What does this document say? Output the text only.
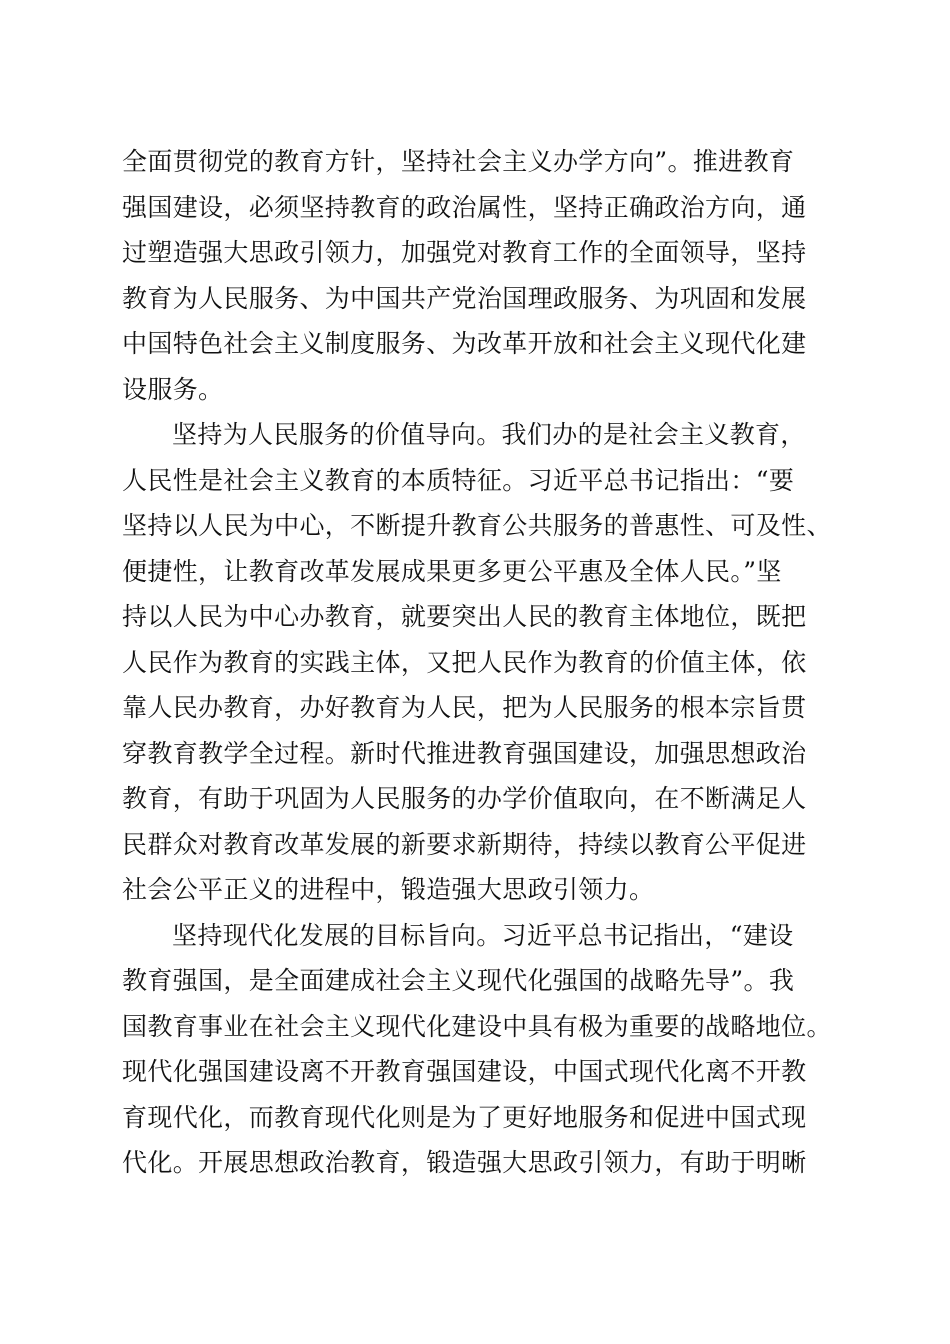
全面贯彻党的教育方针，坚持社会主义办学方向”。推进教育
强国建设，必须坚持教育的政治属性，坚持正确政治方向，通
过塑造强大思政引领力，加强党对教育工作的全面领导，坚持
教育为人民服务、为中国共产党治国理政服务、为巩固和发展
中国特色社会主义制度服务、为改革开放和社会主义现代化建
设服务。
坚持为人民服务的价值导向。我们办的是社会主义教育，
人民性是社会主义教育的本质特征。习近平总书记指出：“要
坚持以人民为中心，不断提升教育公共服务的普惠性、可及性、
便捷性，让教育改革发展成果更多更公平惠及全体人民。”坚
持以人民为中心办教育，就要突出人民的教育主体地位，既把
人民作为教育的实践主体，又把人民作为教育的价值主体，依
靠人民办教育，办好教育为人民，把为人民服务的根本宗旨贯
穿教育教学全过程。新时代推进教育强国建设，加强思想政治
教育，有助于巩固为人民服务的办学价值取向，在不断满足人
民群众对教育改革发展的新要求新期待，持续以教育公平促进
社会公平正义的进程中，锻造强大思政引领力。
坚持现代化发展的目标旨向。习近平总书记指出，“建设
教育强国，是全面建成社会主义现代化强国的战略先导”。我
国教育事业在社会主义现代化建设中具有极为重要的战略地位。
现代化强国建设离不开教育强国建设，中国式现代化离不开教
育现代化，而教育现代化则是为了更好地服务和促进中国式现
代化。开展思想政治教育，锻造强大思政引领力，有助于明晰
